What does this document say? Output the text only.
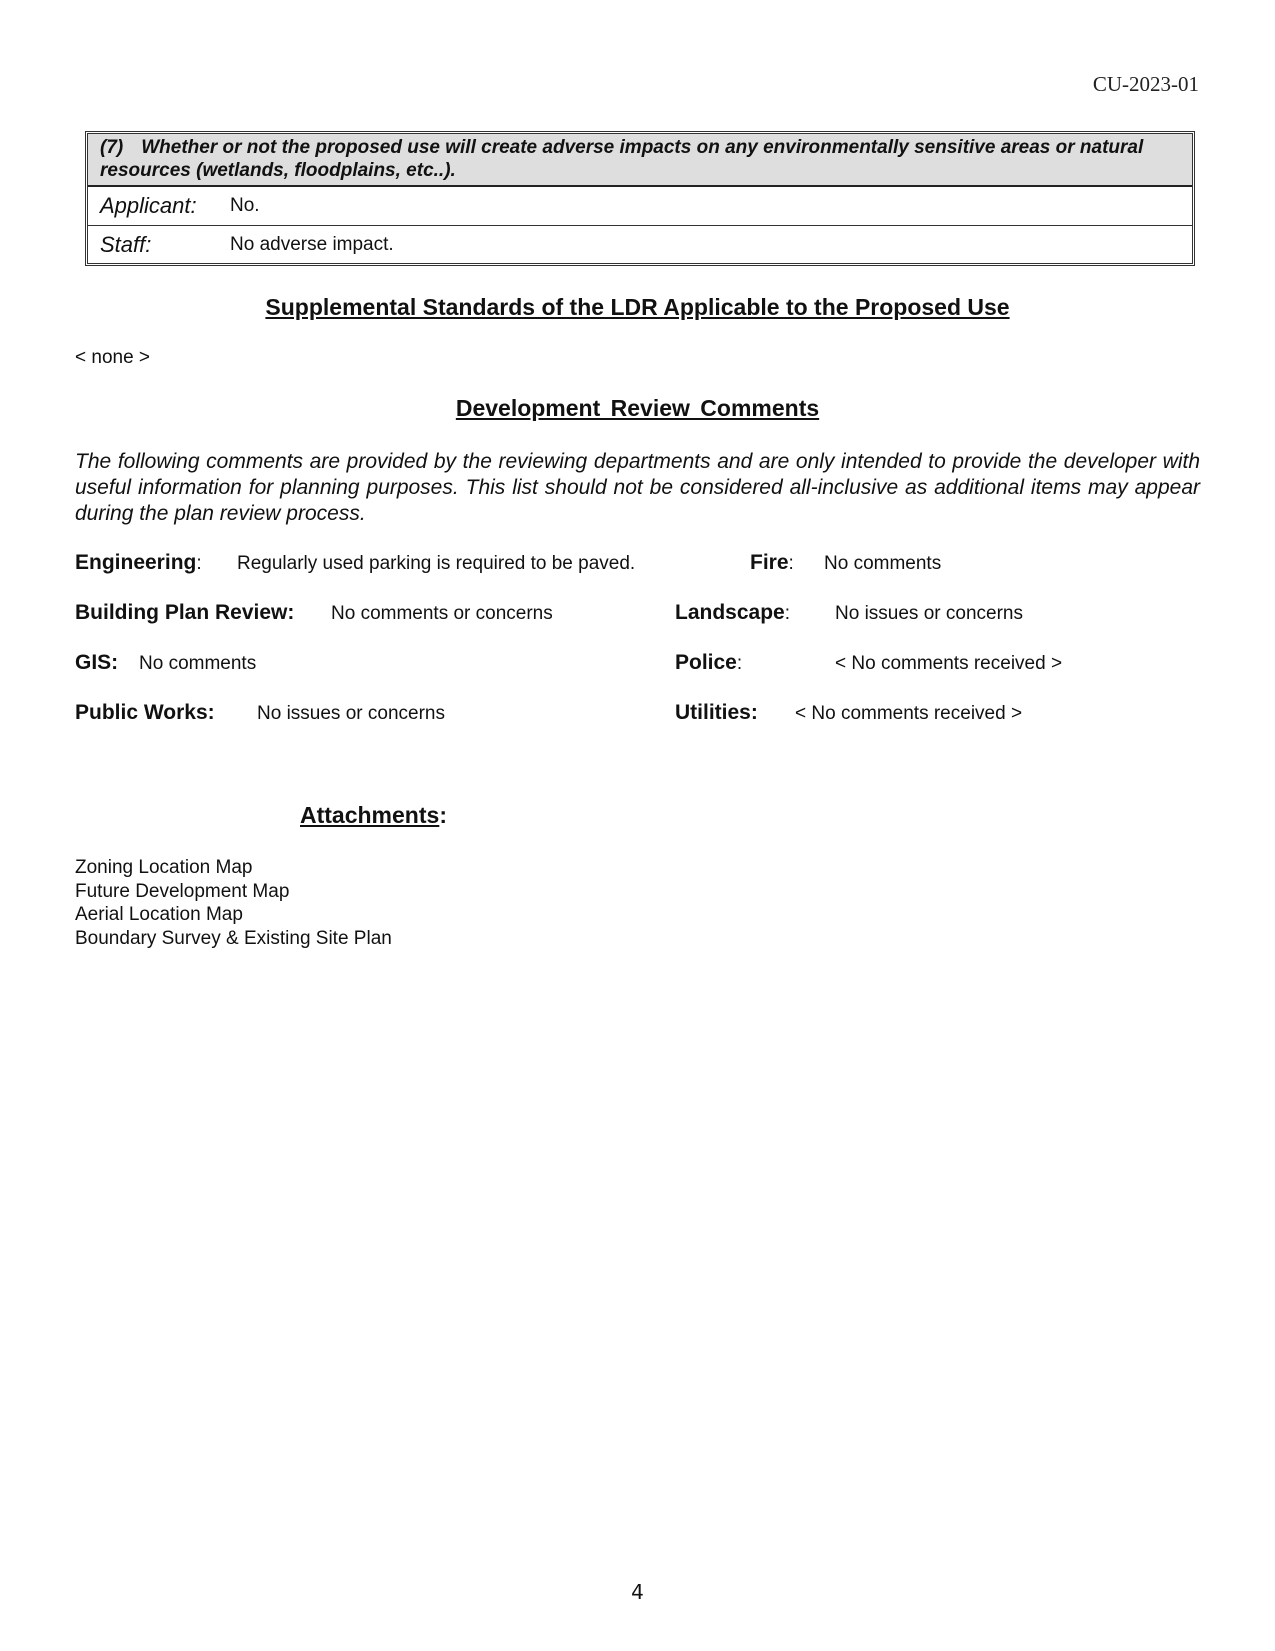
CU-2023-01
(7) Whether or not the proposed use will create adverse impacts on any environmentally sensitive areas or natural resources (wetlands, floodplains, etc..).
Applicant:	No.
Staff:	No adverse impact.
Supplemental Standards of the LDR Applicable to the Proposed Use
< none >
Development Review Comments
The following comments are provided by the reviewing departments and are only intended to provide the developer with useful information for planning purposes. This list should not be considered all-inclusive as additional items may appear during the plan review process.
Engineering: Regularly used parking is required to be paved.
Building Plan Review: No comments or concerns
GIS: No comments
Public Works: No issues or concerns
Fire: No comments
Landscape: No issues or concerns
Police:	< No comments received >
Utilities: < No comments received >
Attachments:
Zoning Location Map
Future Development Map
Aerial Location Map
Boundary Survey & Existing Site Plan
4
